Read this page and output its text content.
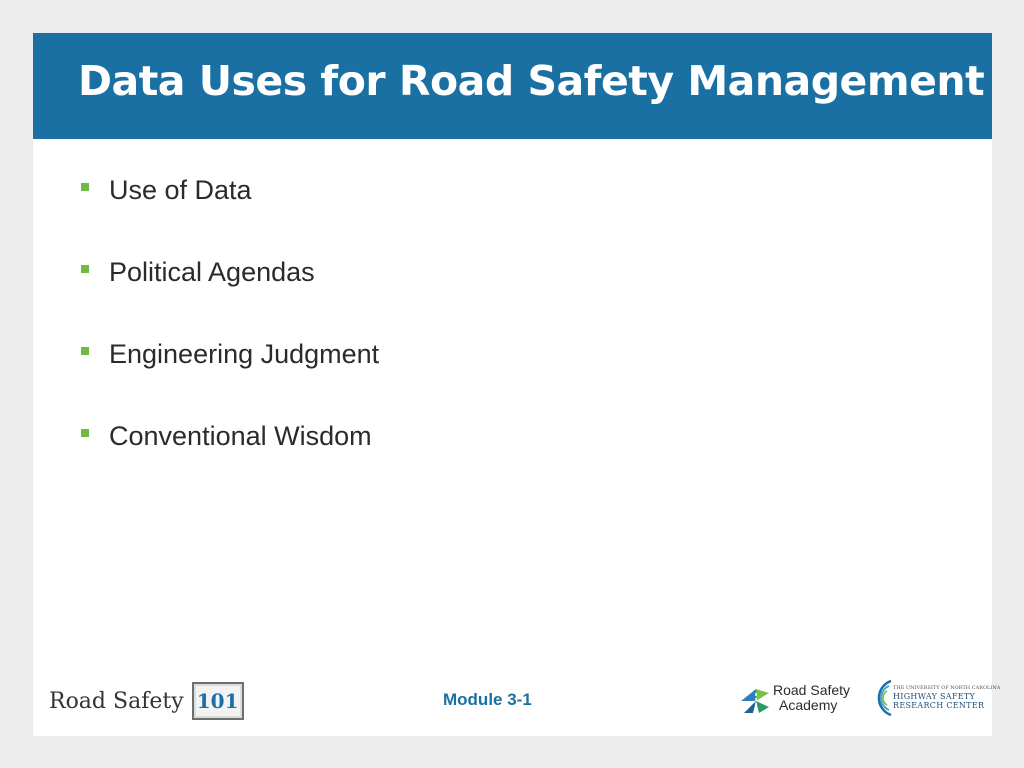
Data Uses for Road Safety Management
Use of Data
Political Agendas
Engineering Judgment
Conventional Wisdom
Road Safety 101	Module 3-1	Road Safety
Academy
THE UNIVERSITY OF NORTH CAROLINA
HIGHWAY SAFETY
RESEARCH CENTER
